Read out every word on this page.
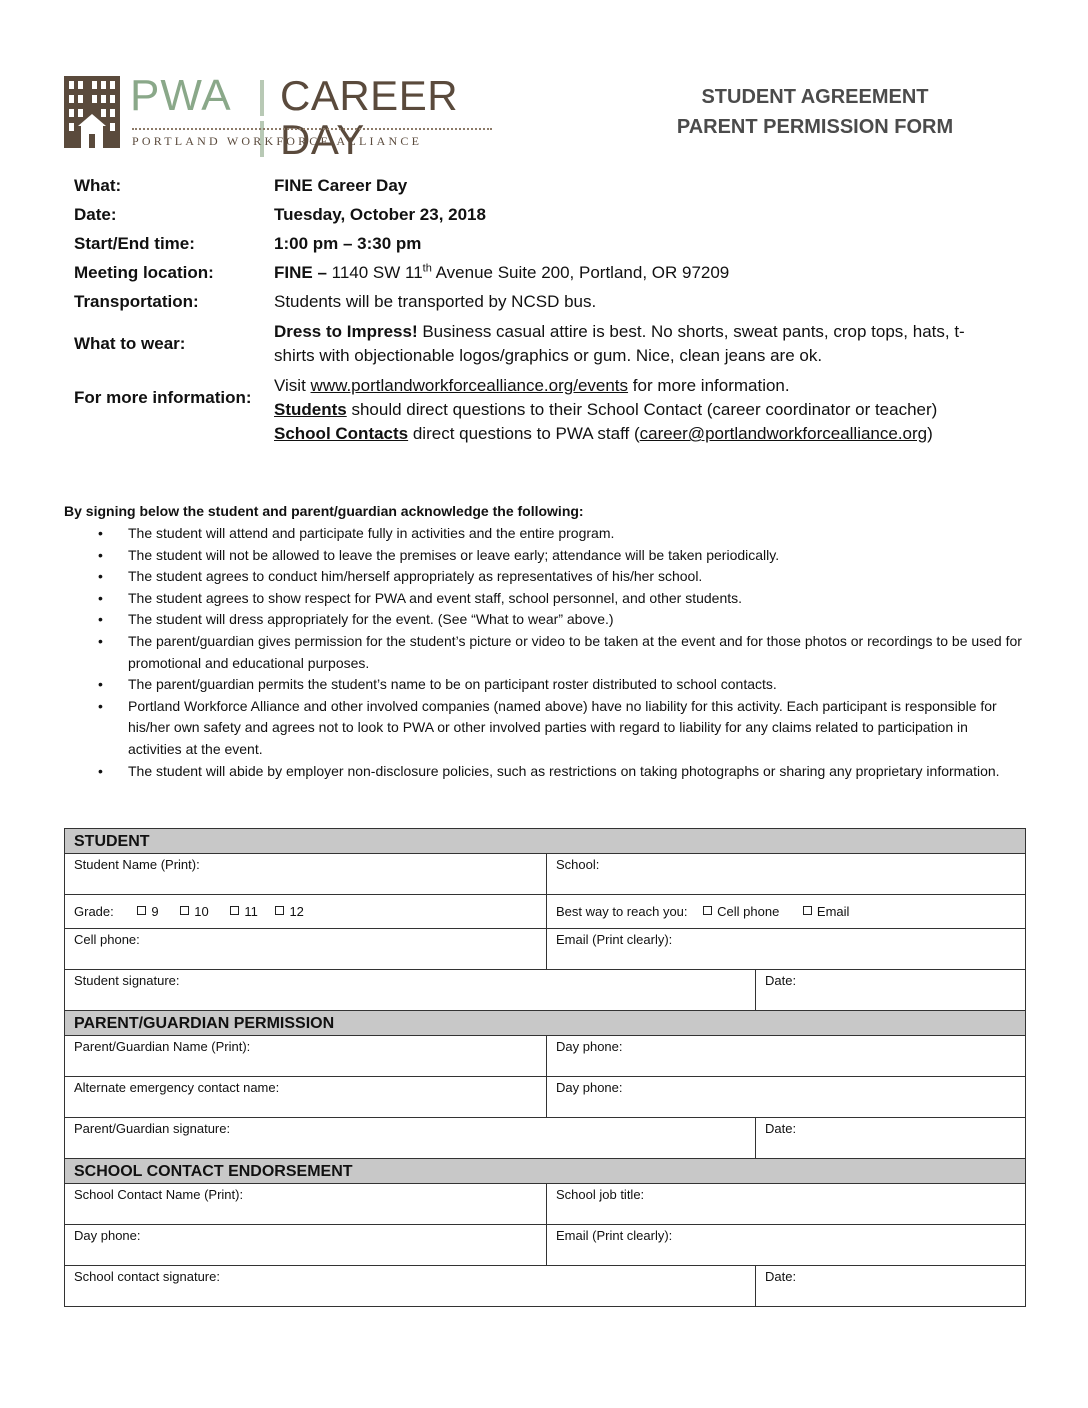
PWA CAREER DAY
PORTLAND WORKFORCE ALLIANCE
STUDENT AGREEMENT
PARENT PERMISSION FORM
What:	FINE Career Day
Date:	Tuesday, October 23, 2018
Start/End time:	1:00 pm – 3:30 pm
Meeting location:	FINE – 1140 SW 11th Avenue Suite 200, Portland, OR 97209
Transportation:	Students will be transported by NCSD bus.
What to wear:
Dress to Impress! Business casual attire is best. No shorts, sweat pants, crop tops, hats, t-shirts with objectionable logos/graphics or gum. Nice, clean jeans are ok.
For more information:
Visit www.portlandworkforcealliance.org/events for more information.
Students should direct questions to their School Contact (career coordinator or teacher)
School Contacts direct questions to PWA staff (career@portlandworkforcealliance.org)
By signing below the student and parent/guardian acknowledge the following:
• The student will attend and participate fully in activities and the entire program.
• The student will not be allowed to leave the premises or leave early; attendance will be taken periodically.
• The student agrees to conduct him/herself appropriately as representatives of his/her school.
• The student agrees to show respect for PWA and event staff, school personnel, and other students.
• The student will dress appropriately for the event. (See “What to wear” above.)
• The parent/guardian gives permission for the student’s picture or video to be taken at the event and for those photos or recordings to be used for promotional and educational purposes.
• The parent/guardian permits the student’s name to be on participant roster distributed to school contacts.
• Portland Workforce Alliance and other involved companies (named above) have no liability for this activity. Each participant is responsible for his/her own safety and agrees not to look to PWA or other involved parties with regard to liability for any claims related to participation in activities at the event.
• The student will abide by employer non-disclosure policies, such as restrictions on taking photographs or sharing any proprietary information.
STUDENT
Student Name (Print):	School:
Grade:	9	10	11 12	Best way to reach you: Cell phone	Email
Cell phone:	Email (Print clearly):
Student signature:	Date:
PARENT/GUARDIAN PERMISSION
Parent/Guardian Name (Print):	Day phone:
Alternate emergency contact name:	Day phone:
Parent/Guardian signature:	Date:
SCHOOL CONTACT ENDORSEMENT
School Contact Name (Print):	School job title:
Day phone:	Email (Print clearly):
School contact signature:	Date:
